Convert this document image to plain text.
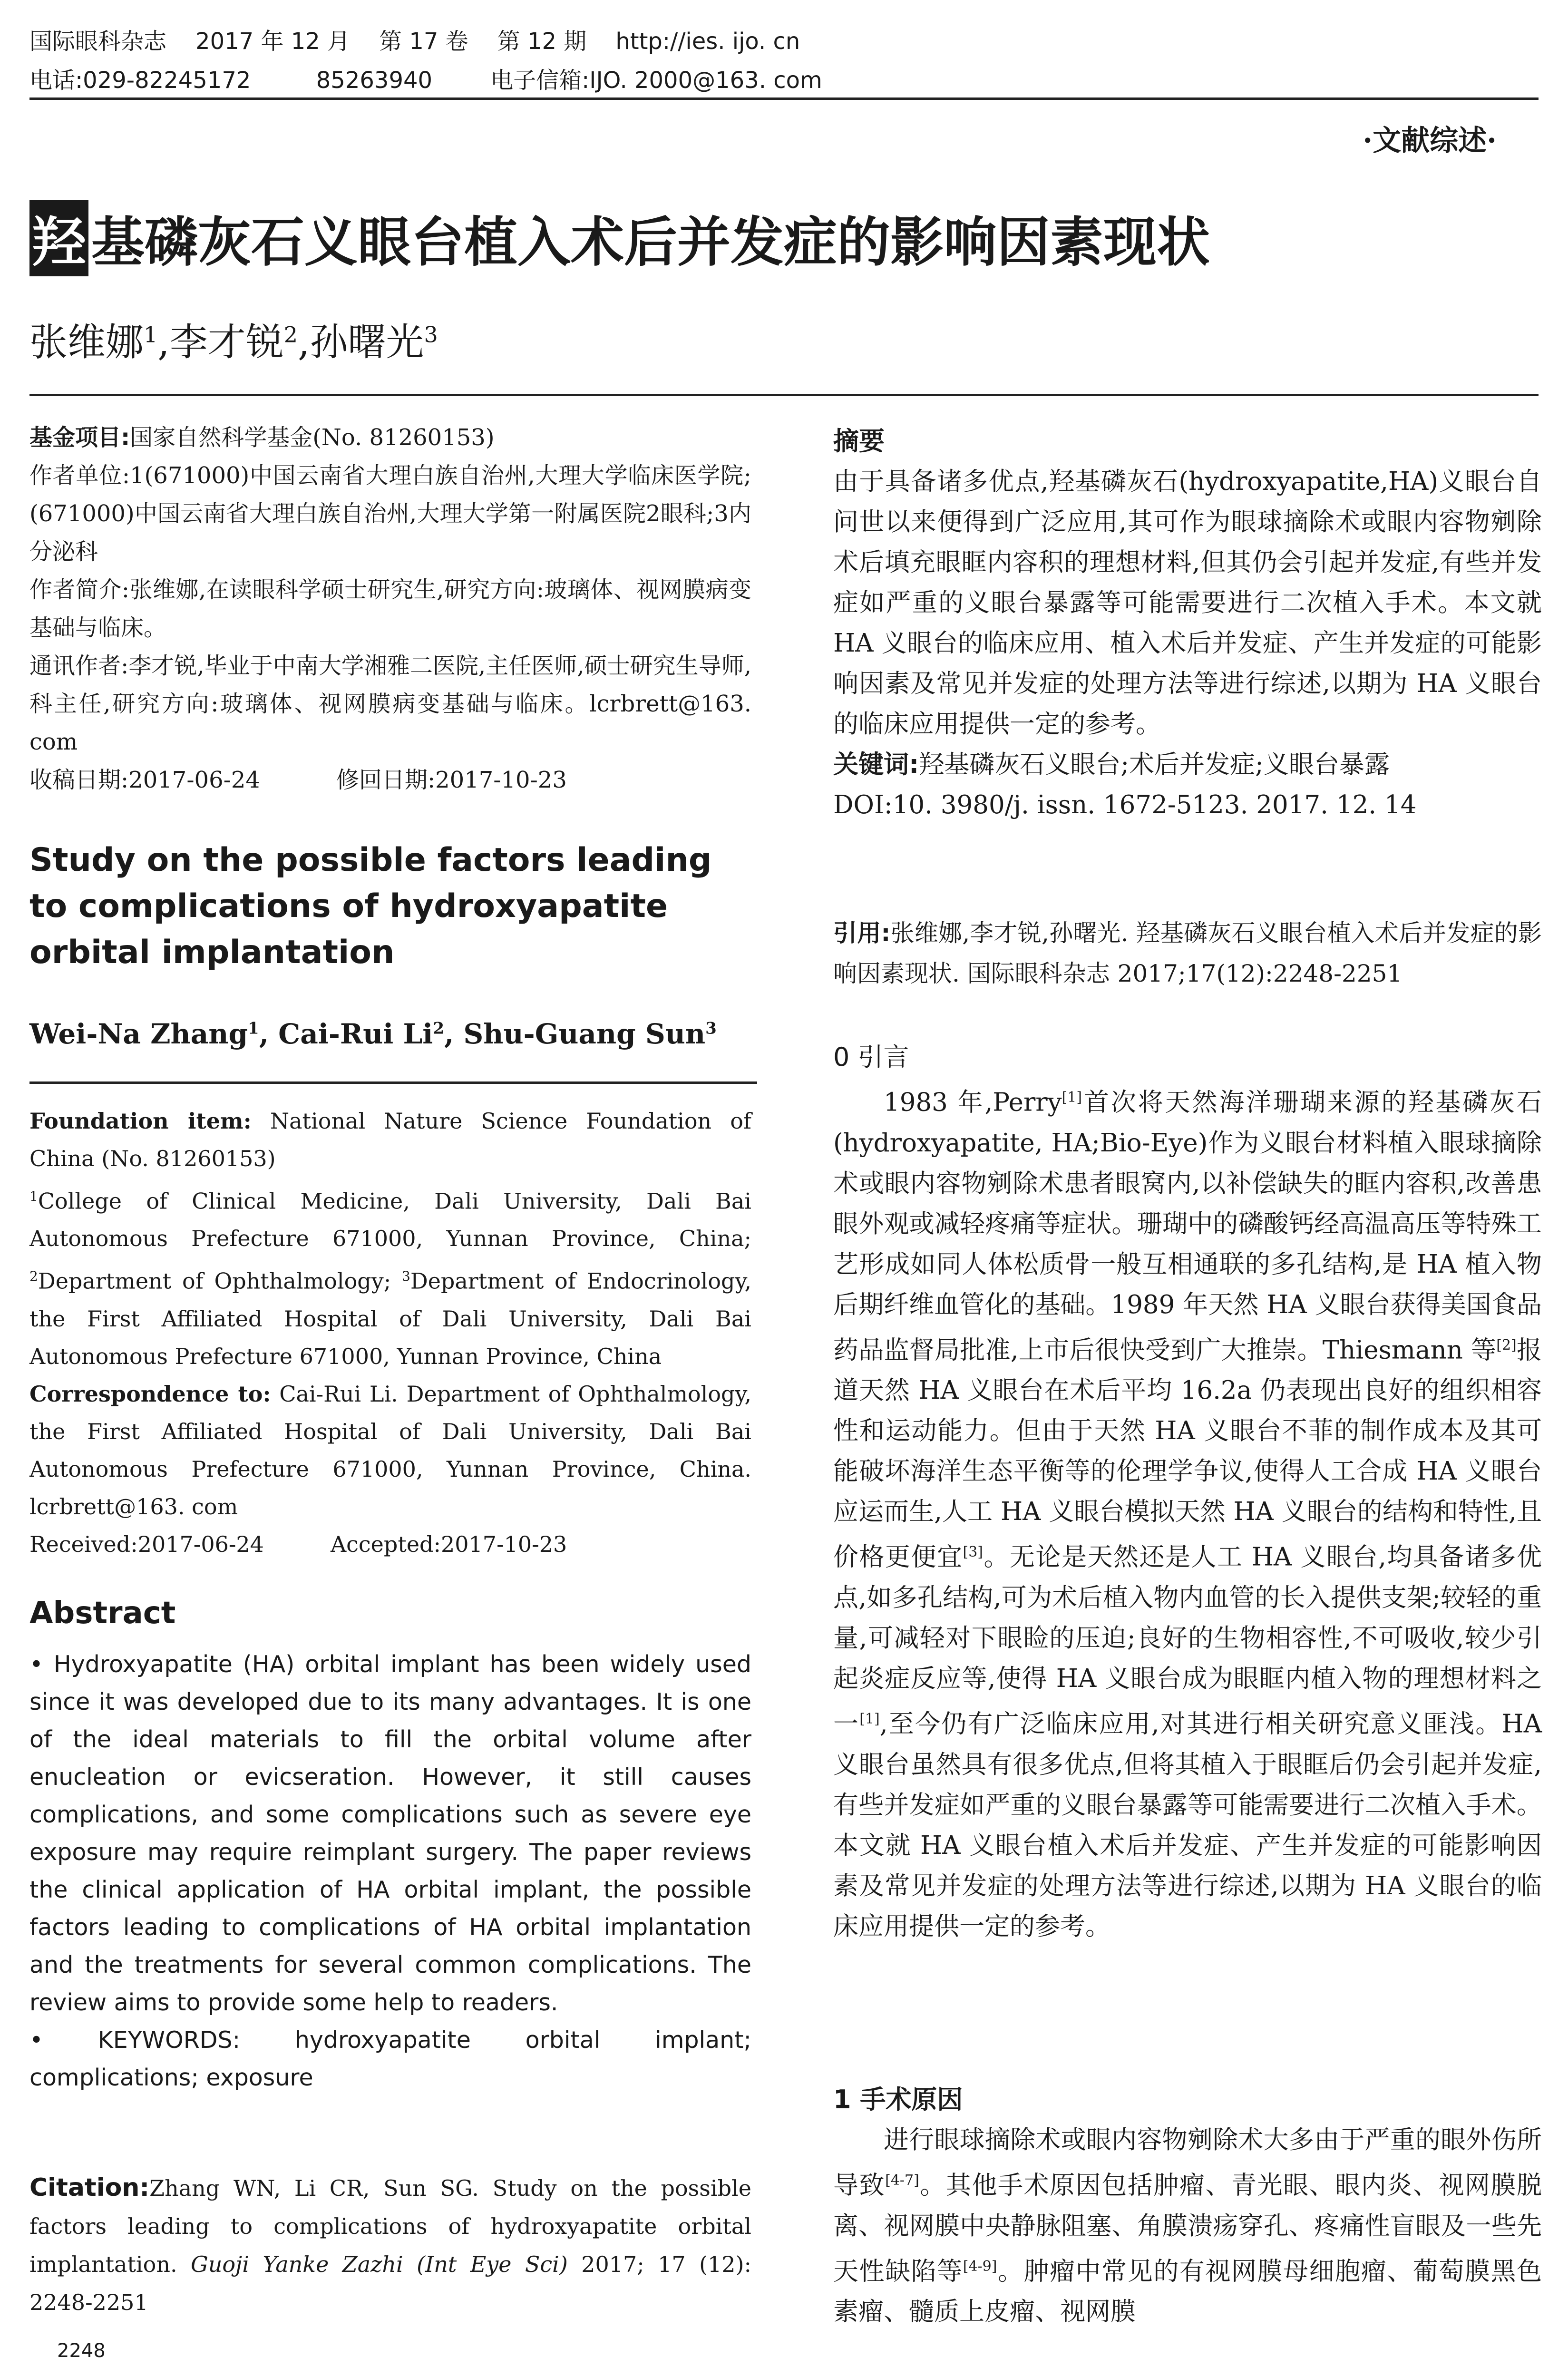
国际眼科杂志    2017 年 12 月    第 17 卷    第 12 期    http://ies. ijo. cn
电话:029-82245172         85263940        电子信箱:IJO. 2000@163. com
·文献综述·
羟 基磷灰石义眼台植入术后并发症的影响因素现状
张维娜$^1$,李才锐$^2$,孙曙光$^3$

基金项目:国家自然科学基金(No. 81260153)

作者单位:1(671000)中国云南省大理白族自治州,大理大学临床医学院;(671000)中国云南省大理白族自治州,大理大学第一附属医院2眼科;3内分泌科

作者简介:张维娜,在读眼科学硕士研究生,研究方向:玻璃体、视网膜病变基础与临床。

通讯作者:李才锐,毕业于中南大学湘雅二医院,主任医师,硕士研究生导师,科主任,研究方向:玻璃体、视网膜病变基础与临床。lcrbrett@163. com

收稿日期:2017-06-24	修回日期:2017-10-23

Study on the possible factors leading to complications of hydroxyapatite orbital implantation
Wei-Na Zhang$^1$, Cai-Rui Li$^2$, Shu-Guang Sun$^3$

Foundation item: National Nature Science Foundation of China (No. 81260153)

$^1$College of Clinical Medicine, Dali University, Dali Bai Autonomous Prefecture 671000, Yunnan Province, China; $^2$Department of Ophthalmology; $^3$Department of Endocrinology, the First Affiliated Hospital of Dali University, Dali Bai Autonomous Prefecture 671000, Yunnan Province, China

Correspondence to: Cai-Rui Li. Department of Ophthalmology, the First Affiliated Hospital of Dali University, Dali Bai Autonomous Prefecture 671000, Yunnan Province, China. lcrbrett@163. com

Received:2017-06-24	Accepted:2017-10-23

Abstract

• Hydroxyapatite (HA) orbital implant has been widely used since it was developed due to its many advantages. It is one of the ideal materials to fill the orbital volume after enucleation or evicseration. However, it still causes complications, and some complications such as severe eye exposure may require reimplant surgery. The paper reviews the clinical application of HA orbital implant, the possible factors leading to complications of HA orbital implantation and the treatments for several common complications. The review aims to provide some help to readers.

• KEYWORDS: hydroxyapatite orbital implant;

complications; exposure

Citation:Zhang WN, Li CR, Sun SG. Study on the possible factors leading to complications of hydroxyapatite orbital implantation. Guoji Yanke Zazhi (Int Eye Sci) 2017; 17 (12): 2248-2251
2248

摘要

由于具备诸多优点,羟基磷灰石(hydroxyapatite,HA)义眼台自问世以来便得到广泛应用,其可作为眼球摘除术或眼内容物剜除术后填充眼眶内容积的理想材料,但其仍会引起并发症,有些并发症如严重的义眼台暴露等可能需要进行二次植入手术。本文就 HA 义眼台的临床应用、植入术后并发症、产生并发症的可能影响因素及常见并发症的处理方法等进行综述,以期为 HA 义眼台的临床应用提供一定的参考。

关键词:羟基磷灰石义眼台;术后并发症;义眼台暴露

DOI:10. 3980/j. issn. 1672-5123. 2017. 12. 14

引用:张维娜,李才锐,孙曙光. 羟基磷灰石义眼台植入术后并发症的影响因素现状. 国际眼科杂志 2017;17(12):2248-2251

0 引言

1983 年,Perry[1]首次将天然海洋珊瑚来源的羟基磷灰石(hydroxyapatite, HA;Bio-Eye)作为义眼台材料植入眼球摘除术或眼内容物剜除术患者眼窝内,以补偿缺失的眶内容积,改善患眼外观或减轻疼痛等症状。珊瑚中的磷酸钙经高温高压等特殊工艺形成如同人体松质骨一般互相通联的多孔结构,是 HA 植入物后期纤维血管化的基础。1989 年天然 HA 义眼台获得美国食品药品监督局批准,上市后很快受到广大推崇。Thiesmann 等[2]报道天然 HA 义眼台在术后平均 16.2a 仍表现出良好的组织相容性和运动能力。但由于天然 HA 义眼台不菲的制作成本及其可能破坏海洋生态平衡等的伦理学争议,使得人工合成 HA 义眼台应运而生,人工 HA 义眼台模拟天然 HA 义眼台的结构和特性,且价格更便宜[3]。无论是天然还是人工 HA 义眼台,均具备诸多优点,如多孔结构,可为术后植入物内血管的长入提供支架;较轻的重量,可减轻对下眼睑的压迫;良好的生物相容性,不可吸收,较少引起炎症反应等,使得 HA 义眼台成为眼眶内植入物的理想材料之一[1],至今仍有广泛临床应用,对其进行相关研究意义匪浅。HA 义眼台虽然具有很多优点,但将其植入于眼眶后仍会引起并发症,有些并发症如严重的义眼台暴露等可能需要进行二次植入手术。本文就 HA 义眼台植入术后并发症、产生并发症的可能影响因素及常见并发症的处理方法等进行综述,以期为 HA 义眼台的临床应用提供一定的参考。

1 手术原因

进行眼球摘除术或眼内容物剜除术大多由于严重的眼外伤所导致[4-7]。其他手术原因包括肿瘤、青光眼、眼内炎、视网膜脱离、视网膜中央静脉阻塞、角膜溃疡穿孔、疼痛性盲眼及一些先天性缺陷等[4-9]。肿瘤中常见的有视网膜母细胞瘤、葡萄膜黑色素瘤、髓质上皮瘤、视网膜
